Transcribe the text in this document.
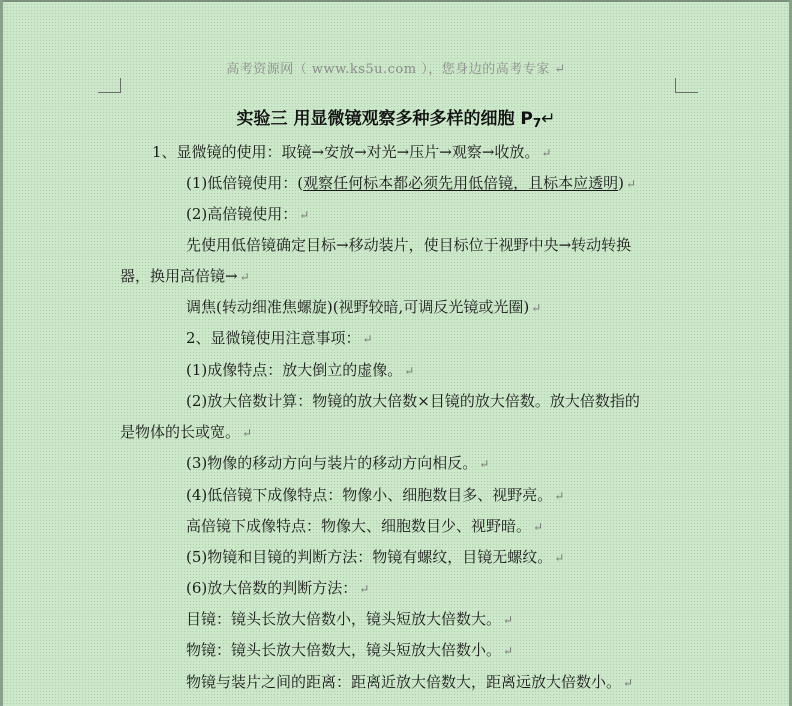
高考资源网（ www.ks5u.com ），您身边的高考专家 ↵
实验三 用显微镜观察多种多样的细胞 $P_7↵$
1、显微镜的使用：取镜→安放→对光→压片→观察→收放。 ↵
(1)低倍镜使用：(观察任何标本都必须先用低倍镜，且标本应透明) ↵
(2)高倍镜使用： ↵
先使用低倍镜确定目标→移动装片，使目标位于视野中央→转动转换
器，换用高倍镜→ ↵
调焦(转动细准焦螺旋)(视野较暗,可调反光镜或光圈) ↵
2、显微镜使用注意事项： ↵
(1)成像特点：放大倒立的虚像。 ↵
(2)放大倍数计算：物镜的放大倍数×目镜的放大倍数。放大倍数指的
是物体的长或宽。 ↵
(3)物像的移动方向与装片的移动方向相反。 ↵
(4)低倍镜下成像特点：物像小、细胞数目多、视野亮。 ↵
高倍镜下成像特点：物像大、细胞数目少、视野暗。 ↵
(5)物镜和目镜的判断方法：物镜有螺纹，目镜无螺纹。 ↵
(6)放大倍数的判断方法： ↵
目镜：镜头长放大倍数小，镜头短放大倍数大。 ↵
物镜：镜头长放大倍数大，镜头短放大倍数小。 ↵
物镜与装片之间的距离：距离近放大倍数大，距离远放大倍数小。 ↵
